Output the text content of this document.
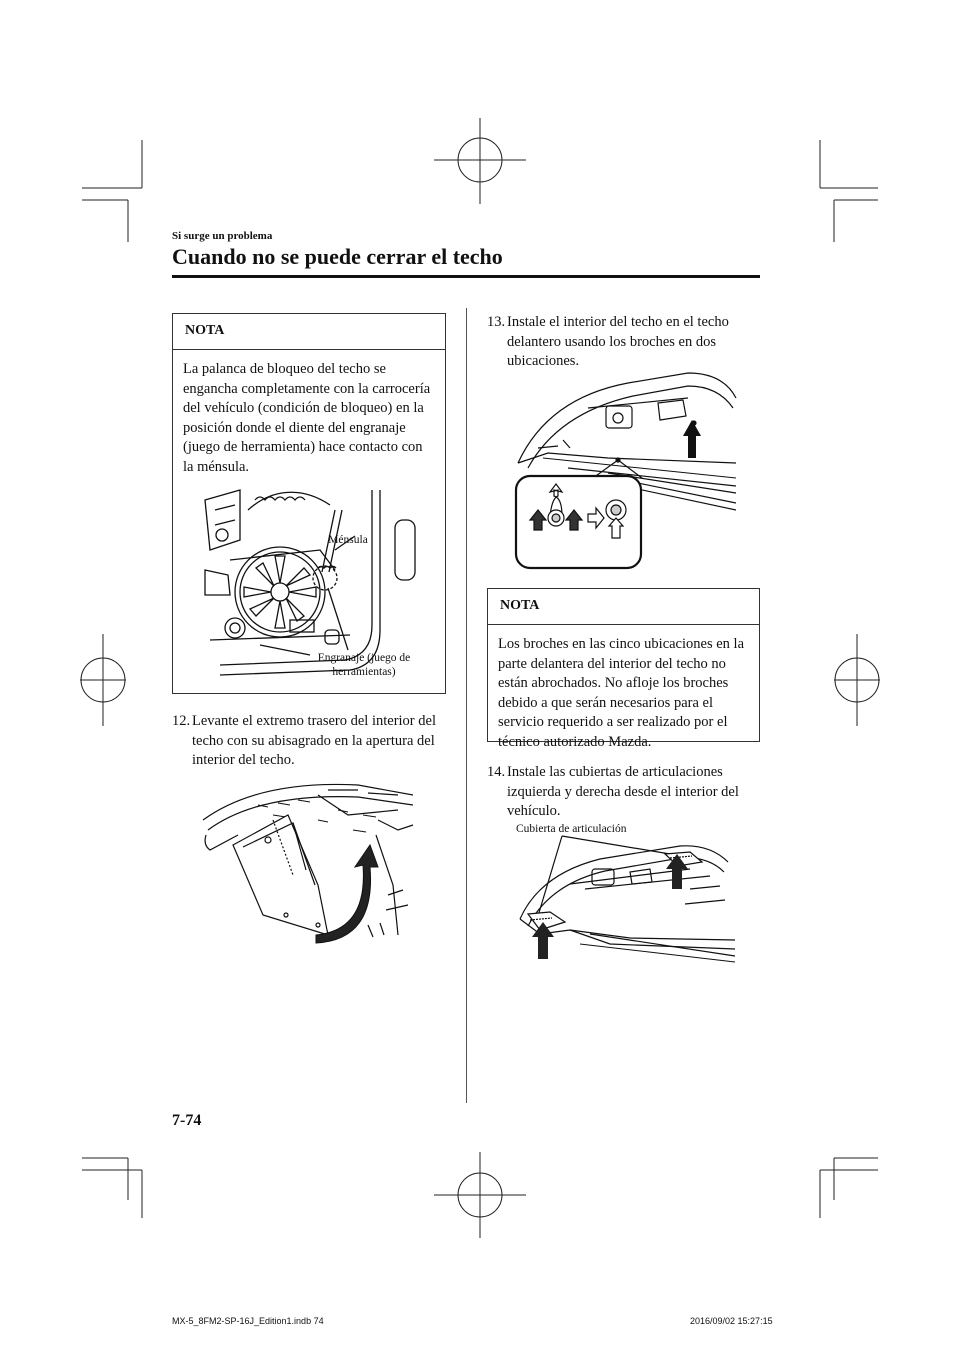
Si surge un problema
Cuando no se puede cerrar el techo
NOTA
La palanca de bloqueo del techo se engancha completamente con la carrocería del vehículo (condición de bloqueo) en la posición donde el diente del engranaje (juego de herramienta) hace contacto con la ménsula.
Ménsula
Engranaje (juego de herramientas)
12. Levante el extremo trasero del interior del techo con su abisagrado en la apertura del interior del techo.
13. Instale el interior del techo en el techo delantero usando los broches en dos ubicaciones.
NOTA
Los broches en las cinco ubicaciones en la parte delantera del interior del techo no están abrochados. No afloje los broches debido a que serán necesarios para el servicio requerido a ser realizado por el técnico autorizado Mazda.
14. Instale las cubiertas de articulaciones izquierda y derecha desde el interior del vehículo.
Cubierta de articulación
7-74
MX-5_8FM2-SP-16J_Edition1.indb 74	2016/09/02 15:27:15
